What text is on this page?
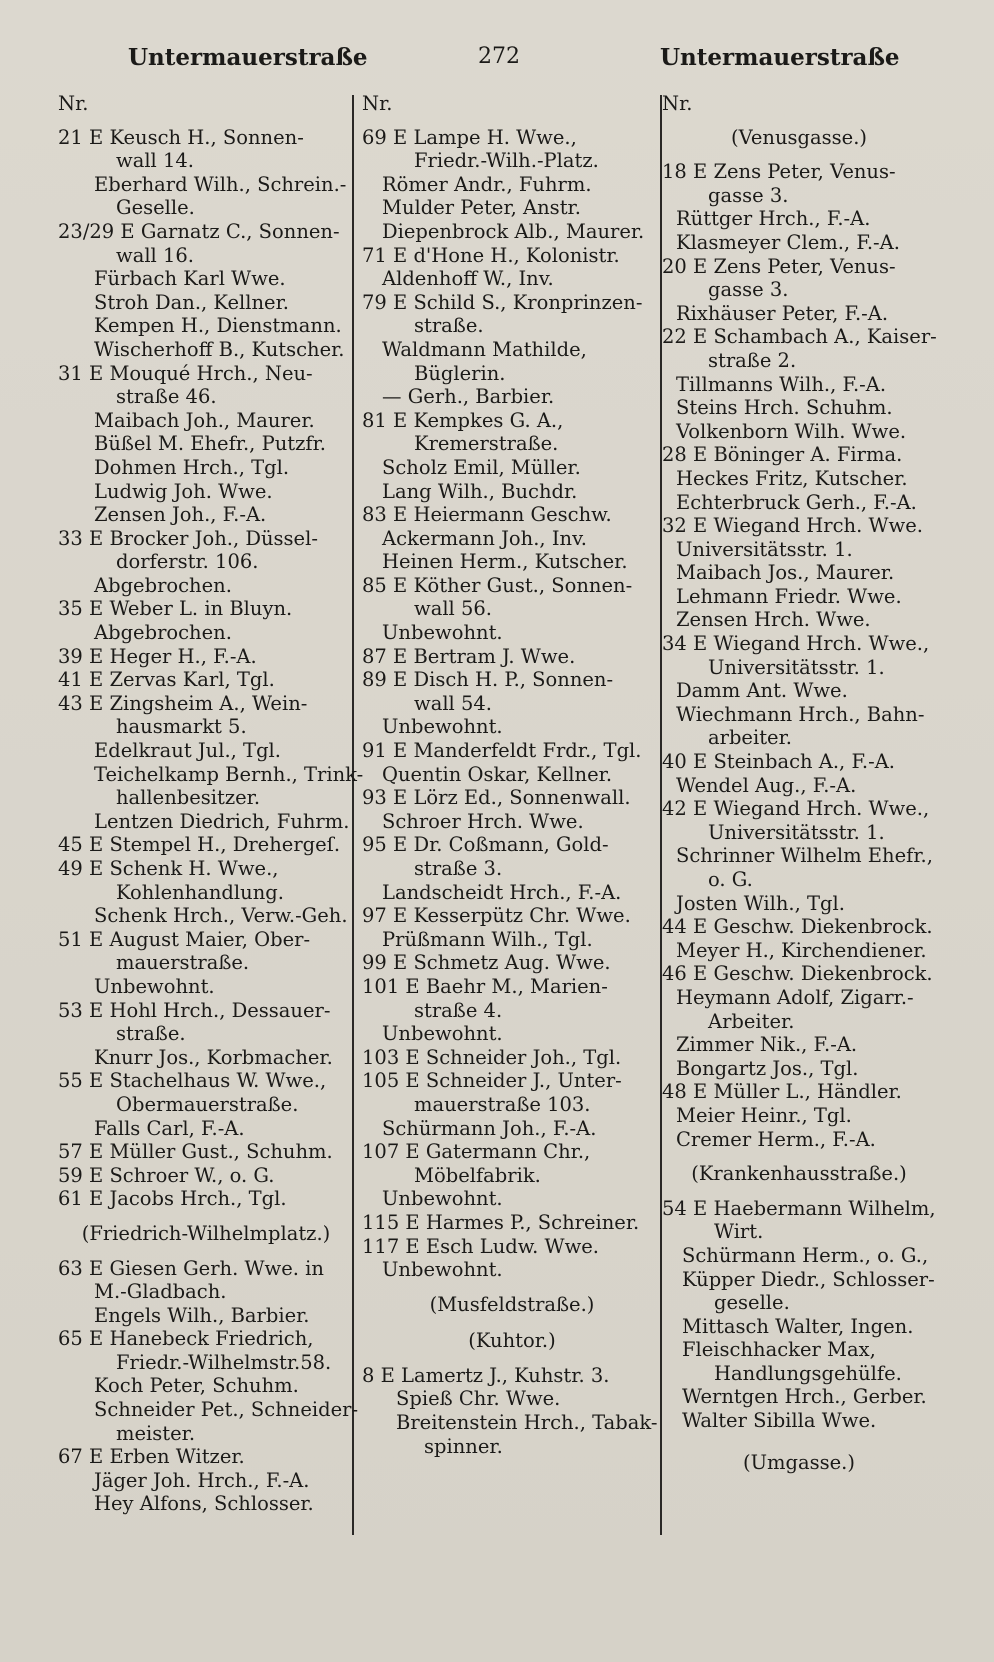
Untermauerstraße	272	Untermauerstraße
Nr.
21 E Keusch H., Sonnen-
wall 14.
Eberhard Wilh., Schrein.-
Geselle.
23/29 E Garnatz C., Sonnen-
wall 16.
Fürbach Karl Wwe.
Stroh Dan., Kellner.
Kempen H., Dienstmann.
Wischerhoff B., Kutscher.
31 E Mouqué Hrch., Neu-
straße 46.
Maibach Joh., Maurer.
Büßel M. Ehefr., Putzfr.
Dohmen Hrch., Tgl.
Ludwig Joh. Wwe.
Zensen Joh., F.-A.
33 E Brocker Joh., Düssel-
dorferstr. 106.
Abgebrochen.
35 E Weber L. in Bluyn.
Abgebrochen.
39 E Heger H., F.-A.
41 E Zervas Karl, Tgl.
43 E Zingsheim A., Wein-
hausmarkt 5.
Edelkraut Jul., Tgl.
Teichelkamp Bernh., Trink-
hallenbesitzer.
Lentzen Diedrich, Fuhrm.
45 E Stempel H., Drehergeſ.
49 E Schenk H. Wwe.,
Kohlenhandlung.
Schenk Hrch., Verw.-Geh.
51 E August Maier, Ober-
mauerstraße.
Unbewohnt.
53 E Hohl Hrch., Dessauer-
straße.
Knurr Jos., Korbmacher.
55 E Stachelhaus W. Wwe.,
Obermauerstraße.
Falls Carl, F.-A.
57 E Müller Gust., Schuhm.
59 E Schroer W., o. G.
61 E Jacobs Hrch., Tgl.
(Friedrich-Wilhelmplatz.)
63 E Giesen Gerh. Wwe. in
M.-Gladbach.
Engels Wilh., Barbier.
65 E Hanebeck Friedrich,
Friedr.-Wilhelmstr.58.
Koch Peter, Schuhm.
Schneider Pet., Schneider-
meister.
67 E Erben Witzer.
Jäger Joh. Hrch., F.-A.
Hey Alfons, Schlosser.
Nr.
69 E Lampe H. Wwe.,
Friedr.-Wilh.-Platz.
Römer Andr., Fuhrm.
Mulder Peter, Anstr.
Diepenbrock Alb., Maurer.
71 E d'Hone H., Kolonistr.
Aldenhoff W., Inv.
79 E Schild S., Kronprinzen-
straße.
Waldmann Mathilde,
Büglerin.
— Gerh., Barbier.
81 E Kempkes G. A.,
Kremerstraße.
Scholz Emil, Müller.
Lang Wilh., Buchdr.
83 E Heiermann Geschw.
Ackermann Joh., Inv.
Heinen Herm., Kutscher.
85 E Köther Gust., Sonnen-
wall 56.
Unbewohnt.
87 E Bertram J. Wwe.
89 E Disch H. P., Sonnen-
wall 54.
Unbewohnt.
91 E Manderfeldt Frdr., Tgl.
Quentin Oskar, Kellner.
93 E Lörz Ed., Sonnenwall.
Schroer Hrch. Wwe.
95 E Dr. Coßmann, Gold-
straße 3.
Landscheidt Hrch., F.-A.
97 E Kesserpütz Chr. Wwe.
Prüßmann Wilh., Tgl.
99 E Schmetz Aug. Wwe.
101 E Baehr M., Marien-
straße 4.
Unbewohnt.
103 E Schneider Joh., Tgl.
105 E Schneider J., Unter-
mauerstraße 103.
Schürmann Joh., F.-A.
107 E Gatermann Chr.,
Möbelfabrik.
Unbewohnt.
115 E Harmes P., Schreiner.
117 E Esch Ludw. Wwe.
Unbewohnt.
(Musfeldstraße.)
(Kuhtor.)
8 E Lamertz J., Kuhstr. 3.
Spieß Chr. Wwe.
Breitenstein Hrch., Tabak-
spinner.
Nr.
(Venusgasse.)
18 E Zens Peter, Venus-
gasse 3.
Rüttger Hrch., F.-A.
Klasmeyer Clem., F.-A.
20 E Zens Peter, Venus-
gasse 3.
Rixhäuser Peter, F.-A.
22 E Schambach A., Kaiser-
straße 2.
Tillmanns Wilh., F.-A.
Steins Hrch. Schuhm.
Volkenborn Wilh. Wwe.
28 E Böninger A. Firma.
Heckes Fritz, Kutscher.
Echterbruck Gerh., F.-A.
32 E Wiegand Hrch. Wwe.
Universitätsstr. 1.
Maibach Jos., Maurer.
Lehmann Friedr. Wwe.
Zensen Hrch. Wwe.
34 E Wiegand Hrch. Wwe.,
Universitätsstr. 1.
Damm Ant. Wwe.
Wiechmann Hrch., Bahn-
arbeiter.
40 E Steinbach A., F.-A.
Wendel Aug., F.-A.
42 E Wiegand Hrch. Wwe.,
Universitätsstr. 1.
Schrinner Wilhelm Ehefr.,
o. G.
Josten Wilh., Tgl.
44 E Geschw. Diekenbrock.
Meyer H., Kirchendiener.
46 E Geschw. Diekenbrock.
Heymann Adolf, Zigarr.-
Arbeiter.
Zimmer Nik., F.-A.
Bongartz Jos., Tgl.
48 E Müller L., Händler.
Meier Heinr., Tgl.
Cremer Herm., F.-A.
(Krankenhausstraße.)
54 E Haebermann Wilhelm,
Wirt.
Schürmann Herm., o. G.,
Küpper Diedr., Schlosser-
geselle.
Mittasch Walter, Ingen.
Fleischhacker Max,
Handlungsgehülfe.
Werntgen Hrch., Gerber.
Walter Sibilla Wwe.
(Umgasse.)
